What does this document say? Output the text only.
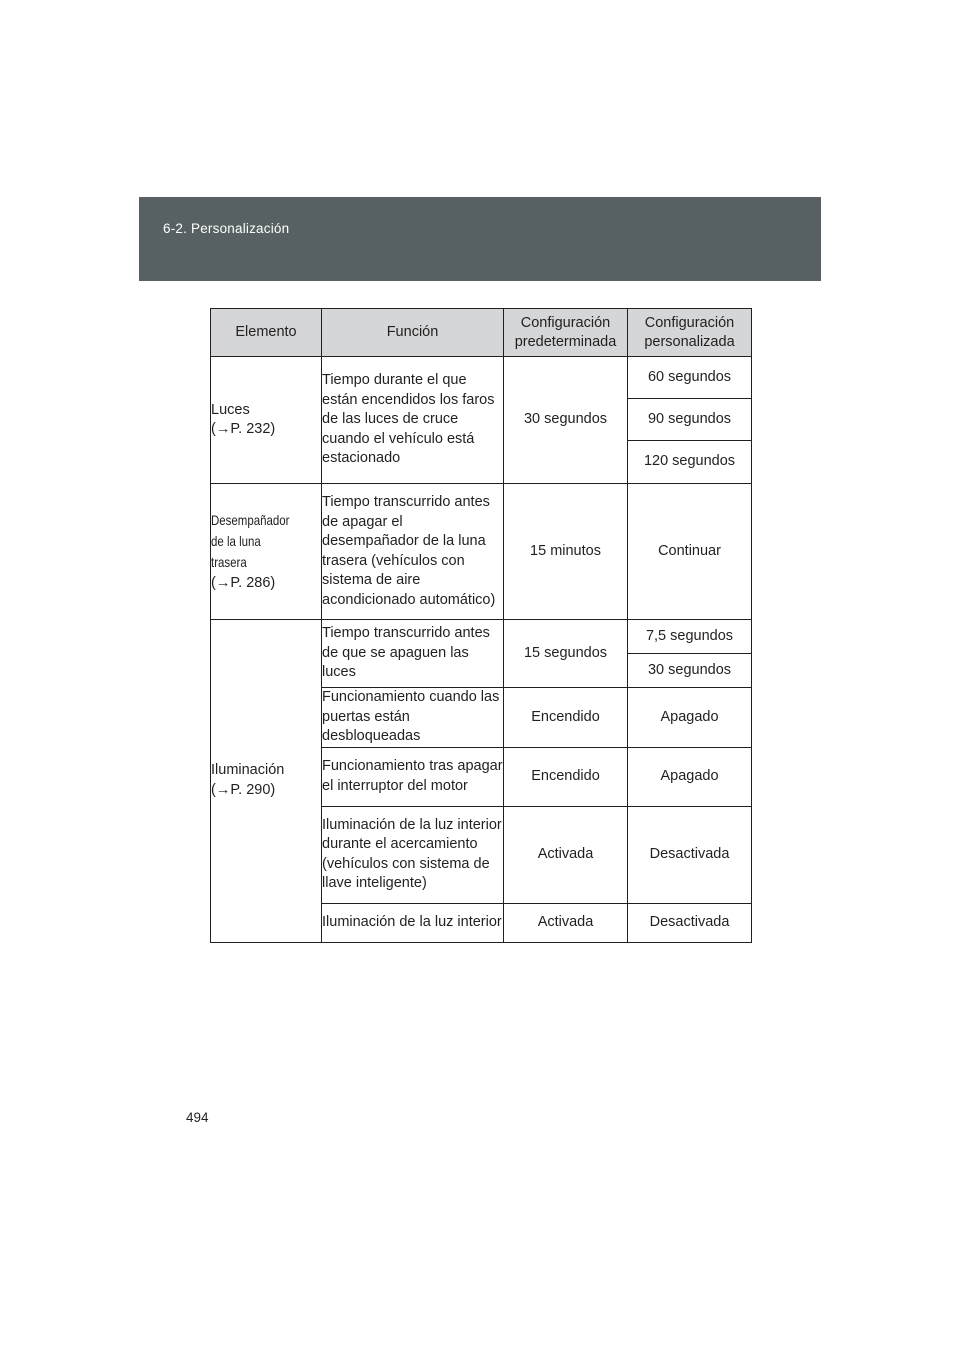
6-2. Personalización
Elemento	Función	Configuración predeterminada	Configuración personalizada

Luces
(→P. 232)	Tiempo durante el que están encendidos los faros de las luces de cruce cuando el vehículo está estacionado	30 segundos	60 segundos
			90 segundos
			120 segundos

Desempañador de la luna trasera
(→P. 286)	Tiempo transcurrido antes de apagar el desempañador de la luna trasera (vehículos con sistema de aire acondicionado automático)	15 minutos	Continuar

Iluminación
(→P. 290)	Tiempo transcurrido antes de que se apaguen las luces	15 segundos	7,5 segundos
			30 segundos
	Funcionamiento cuando las puertas están desbloqueadas	Encendido	Apagado
	Funcionamiento tras apagar el interruptor del motor	Encendido	Apagado
	Iluminación de la luz interior durante el acercamiento (vehículos con sistema de llave inteligente)	Activada	Desactivada
	Iluminación de la luz interior	Activada	Desactivada
494
